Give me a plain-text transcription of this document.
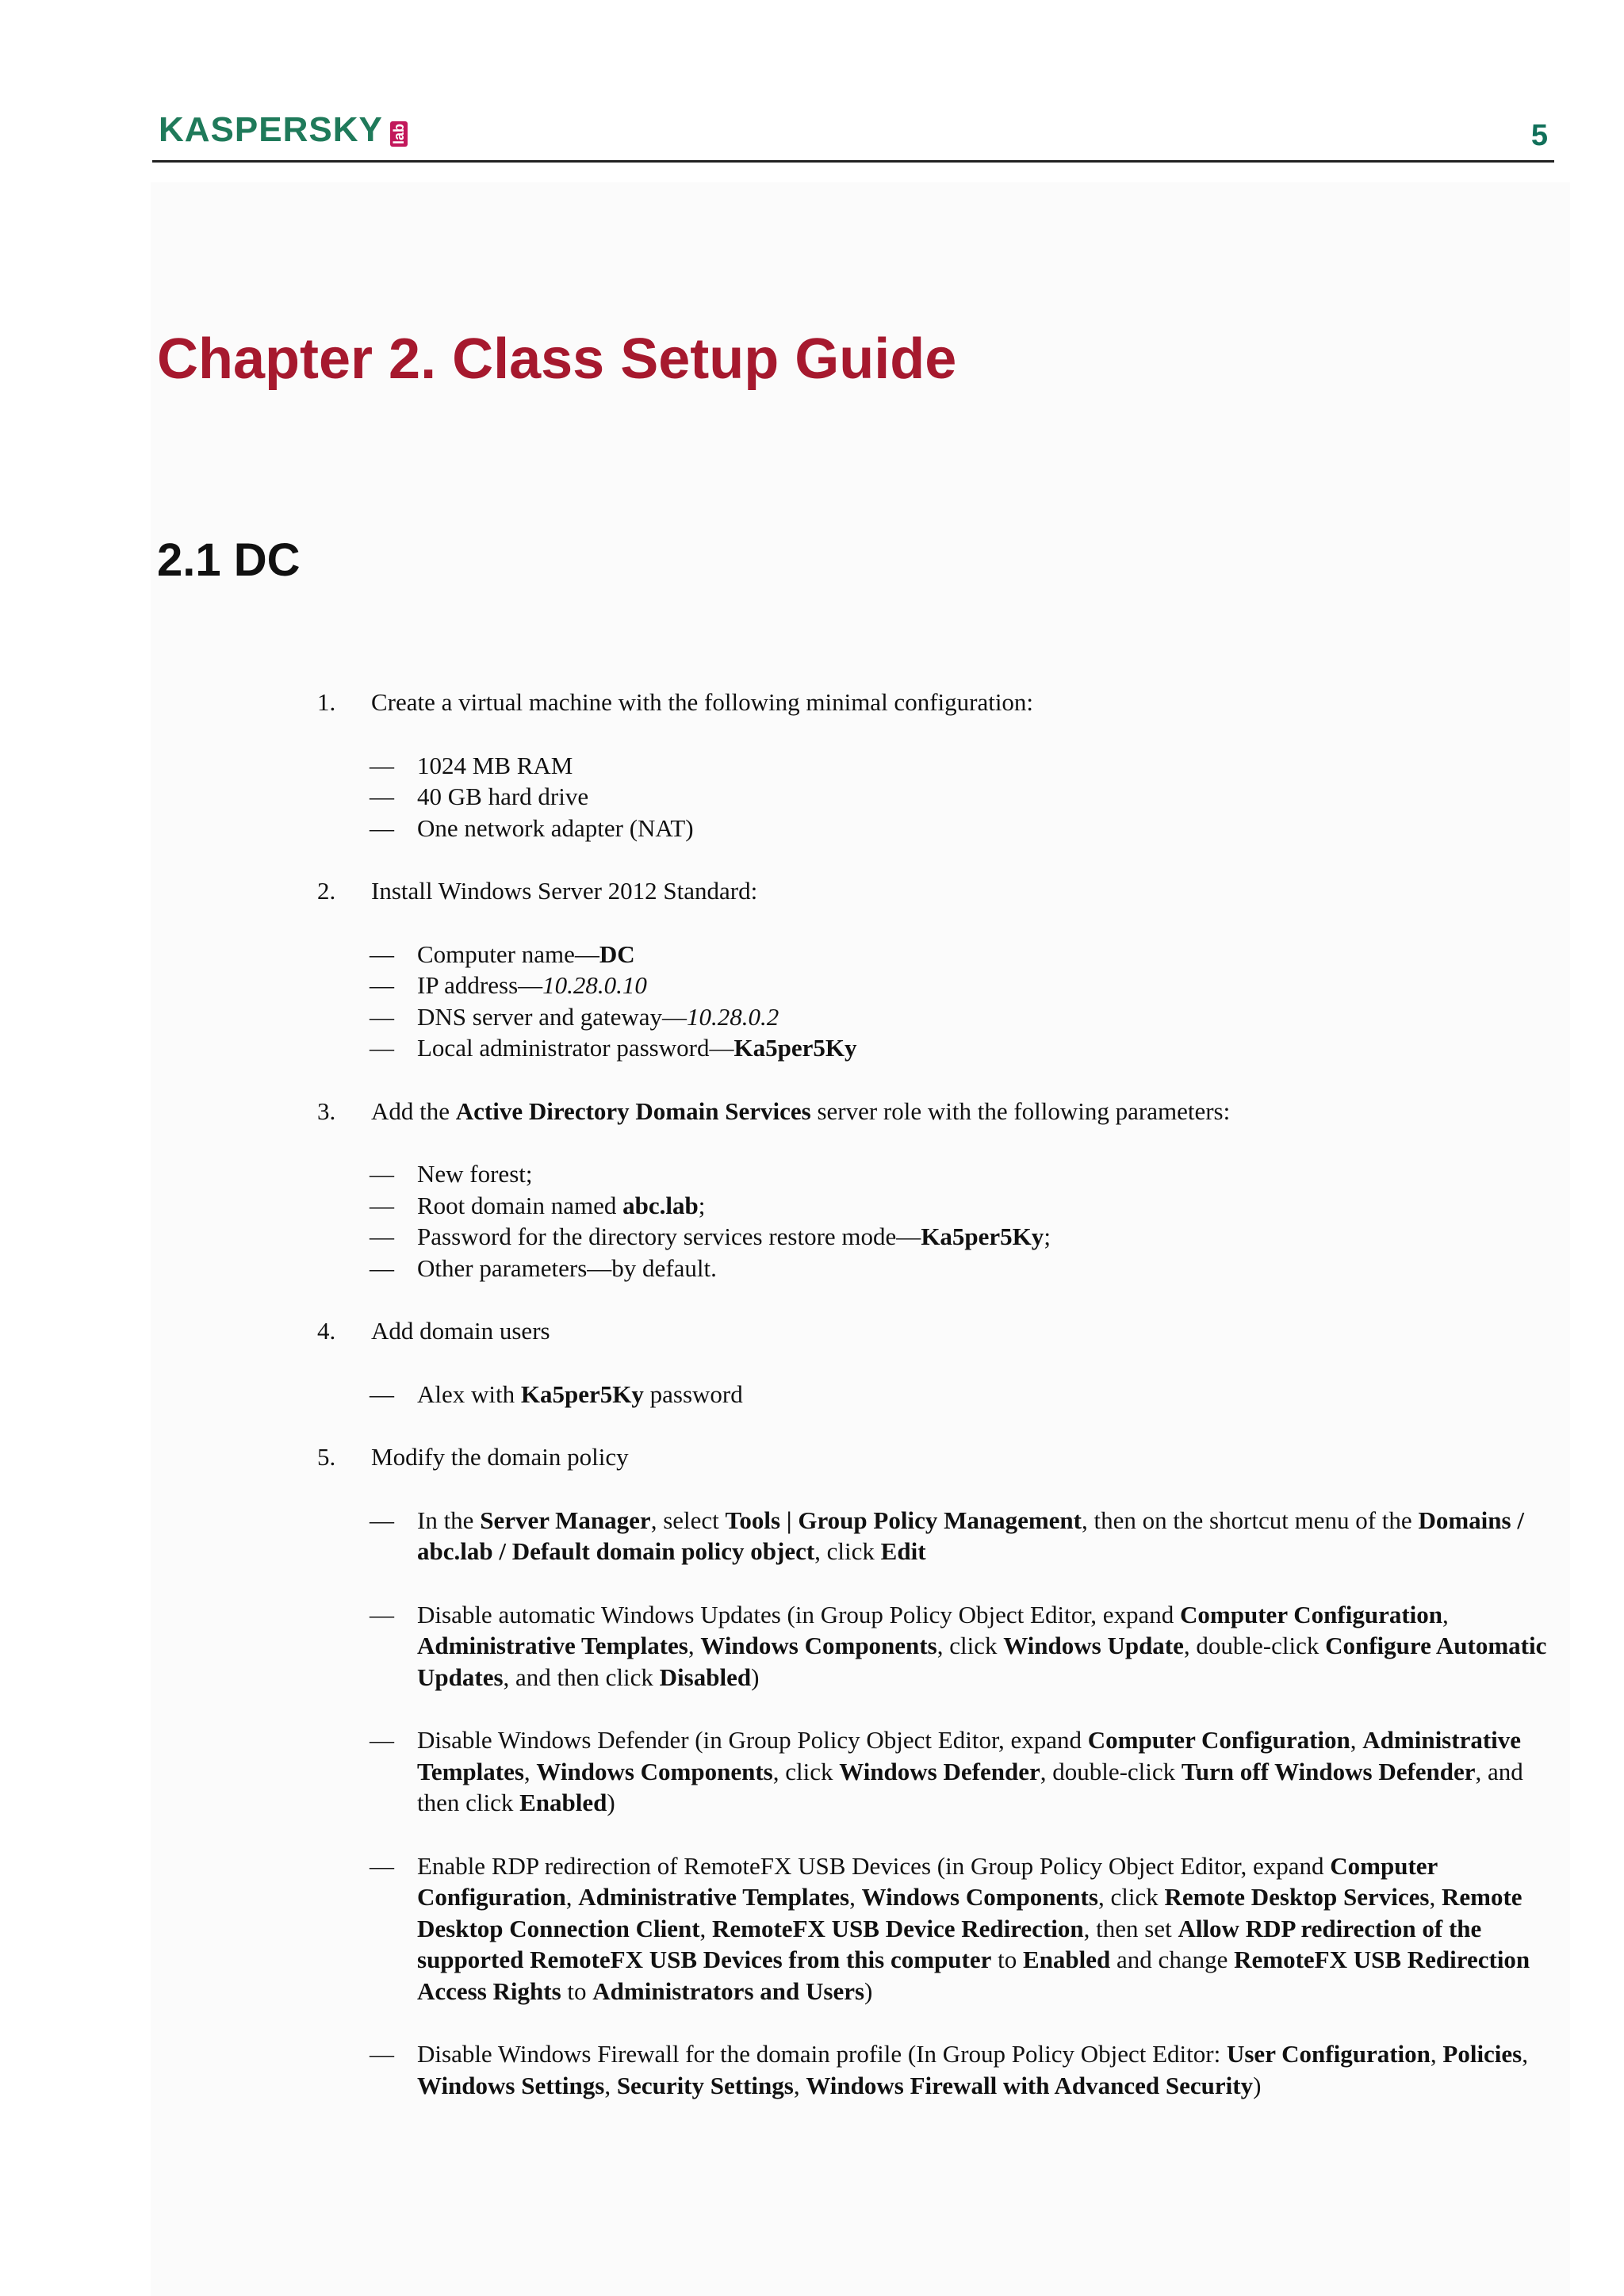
KASPERSKY lab	5
Chapter 2. Class Setup Guide
2.1 DC
1. Create a virtual machine with the following minimal configuration:
— 1024 MB RAM
— 40 GB hard drive
— One network adapter (NAT)
2. Install Windows Server 2012 Standard:
— Computer name—DC
— IP address—10.28.0.10
— DNS server and gateway—10.28.0.2
— Local administrator password—Ka5per5Ky
3. Add the Active Directory Domain Services server role with the following parameters:
— New forest;
— Root domain named abc.lab;
— Password for the directory services restore mode—Ka5per5Ky;
— Other parameters—by default.
4. Add domain users
— Alex with Ka5per5Ky password
5. Modify the domain policy
— In the Server Manager, select Tools | Group Policy Management, then on the shortcut menu of the Domains / abc.lab / Default domain policy object, click Edit
— Disable automatic Windows Updates (in Group Policy Object Editor, expand Computer Configuration, Administrative Templates, Windows Components, click Windows Update, double-click Configure Automatic Updates, and then click Disabled)
— Disable Windows Defender (in Group Policy Object Editor, expand Computer Configuration, Administrative Templates, Windows Components, click Windows Defender, double-click Turn off Windows Defender, and then click Enabled)
— Enable RDP redirection of RemoteFX USB Devices (in Group Policy Object Editor, expand Computer Configuration, Administrative Templates, Windows Components, click Remote Desktop Services, Remote Desktop Connection Client, RemoteFX USB Device Redirection, then set Allow RDP redirection of the supported RemoteFX USB Devices from this computer to Enabled and change RemoteFX USB Redirection Access Rights to Administrators and Users)
— Disable Windows Firewall for the domain profile (In Group Policy Object Editor: User Configuration, Policies, Windows Settings, Security Settings, Windows Firewall with Advanced Security)
